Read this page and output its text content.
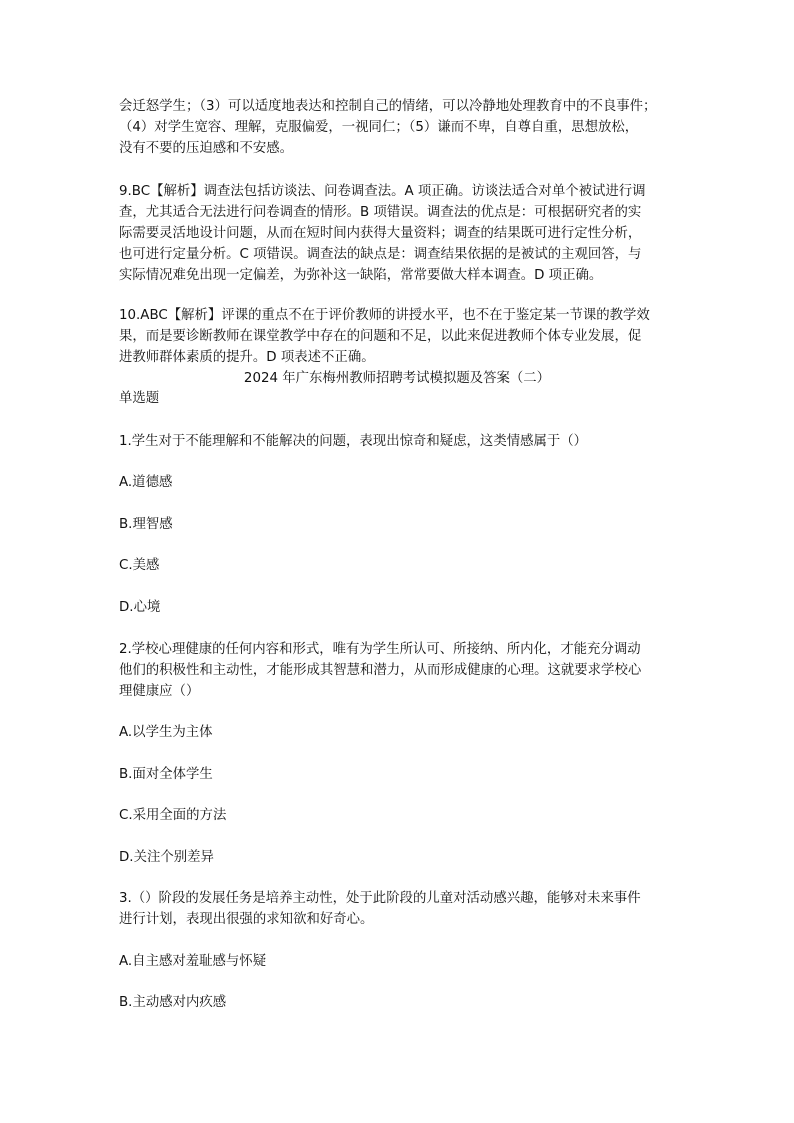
会迁怒学生；（3）可以适度地表达和控制自己的情绪，可以冷静地处理教育中的不良事件；
（4）对学生宽容、理解，克服偏爱，一视同仁；（5）谦而不卑，自尊自重，思想放松，
没有不要的压迫感和不安感。
9.BC【解析】调查法包括访谈法、问卷调查法。A 项正确。访谈法适合对单个被试进行调
查，尤其适合无法进行问卷调查的情形。B 项错误。调查法的优点是：可根据研究者的实
际需要灵活地设计问题，从而在短时间内获得大量资料；调查的结果既可进行定性分析，
也可进行定量分析。C 项错误。调查法的缺点是：调查结果依据的是被试的主观回答，与
实际情况难免出现一定偏差，为弥补这一缺陷，常常要做大样本调查。D 项正确。
10.ABC【解析】评课的重点不在于评价教师的讲授水平，也不在于鉴定某一节课的教学效
果，而是要诊断教师在课堂教学中存在的问题和不足，以此来促进教师个体专业发展，促
进教师群体素质的提升。D 项表述不正确。
2024 年广东梅州教师招聘考试模拟题及答案（二）
单选题
1.学生对于不能理解和不能解决的问题，表现出惊奇和疑虑，这类情感属于（）
A.道德感
B.理智感
C.美感
D.心境
2.学校心理健康的任何内容和形式，唯有为学生所认可、所接纳、所内化，才能充分调动
他们的积极性和主动性，才能形成其智慧和潜力，从而形成健康的心理。这就要求学校心
理健康应（）
A.以学生为主体
B.面对全体学生
C.采用全面的方法
D.关注个别差异
3.（）阶段的发展任务是培养主动性，处于此阶段的儿童对活动感兴趣，能够对未来事件
进行计划，表现出很强的求知欲和好奇心。
A.自主感对羞耻感与怀疑
B.主动感对内疚感
